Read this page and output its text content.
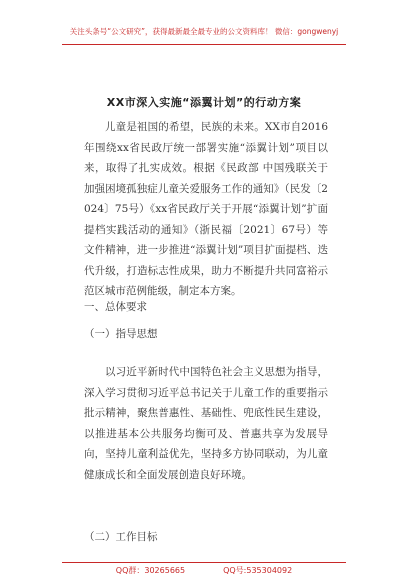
关注头条号“公文研究”，获得最新最全最专业的公文资料库！ 微信：gongwenyj
XX市深入实施“添翼计划”的行动方案

儿童是祖国的希望，民族的未来。XX市自2016年围绕xx省民政厅统一部署实施“添翼计划”项目以来，取得了扎实成效。根据《民政部 中国残联关于加强困境孤独症儿童关爱服务工作的通知》（民发〔2024〕75号）《xx省民政厅关于开展“添翼计划”扩面提档实践活动的通知》（浙民福〔2021〕67号）等文件精神，进一步推进“添翼计划”项目扩面提档、迭代升级，打造标志性成果，助力不断提升共同富裕示范区城市范例能级，制定本方案。

一、总体要求
（一）指导思想

以习近平新时代中国特色社会主义思想为指导，深入学习贯彻习近平总书记关于儿童工作的重要指示批示精神，聚焦普惠性、基础性、兜底性民生建设，以推进基本公共服务均衡可及、普惠共享为发展导向，坚持儿童利益优先，坚持多方协同联动，为儿童健康成长和全面发展创造良好环境。

（二）工作目标
QQ群：30265665	QQ号:535304092
